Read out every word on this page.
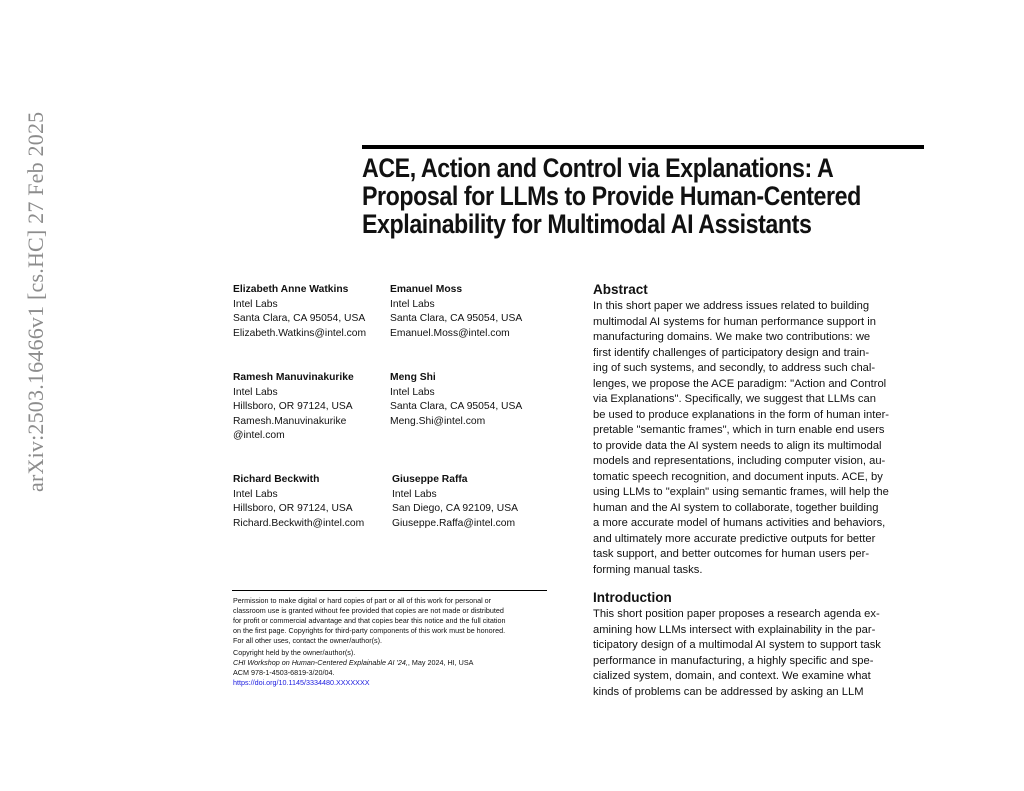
arXiv:2503.16466v1 [cs.HC] 27 Feb 2025	ACE, Action and Control via Explanations: A
Proposal for LLMs to Provide Human-Centered
Explainability for Multimodal AI Assistants
Elizabeth Anne Watkins
Intel Labs
Santa Clara, CA 95054, USA
Elizabeth.Watkins@intel.com
Emanuel Moss
Intel Labs
Santa Clara, CA 95054, USA
Emanuel.Moss@intel.com
Ramesh Manuvinakurike
Intel Labs
Hillsboro, OR 97124, USA
Ramesh.Manuvinakurike
@intel.com
Meng Shi
Intel Labs
Santa Clara, CA 95054, USA
Meng.Shi@intel.com
Richard Beckwith
Intel Labs
Hillsboro, OR 97124, USA
Richard.Beckwith@intel.com
Giuseppe Raffa
Intel Labs
San Diego, CA 92109, USA
Giuseppe.Raffa@intel.com
Permission to make digital or hard copies of part or all of this work for personal or
classroom use is granted without fee provided that copies are not made or distributed
for profit or commercial advantage and that copies bear this notice and the full citation
on the first page. Copyrights for third-party components of this work must be honored.
For all other uses, contact the owner/author(s).
Copyright held by the owner/author(s).
CHI Workshop on Human-Centered Explainable AI '24,, May 2024, HI, USA
ACM 978-1-4503-6819-3/20/04.
https://doi.org/10.1145/3334480.XXXXXXX
Abstract
In this short paper we address issues related to building
multimodal AI systems for human performance support in
manufacturing domains. We make two contributions: we
first identify challenges of participatory design and train-
ing of such systems, and secondly, to address such chal-
lenges, we propose the ACE paradigm: "Action and Control
via Explanations". Specifically, we suggest that LLMs can
be used to produce explanations in the form of human inter-
pretable "semantic frames", which in turn enable end users
to provide data the AI system needs to align its multimodal
models and representations, including computer vision, au-
tomatic speech recognition, and document inputs. ACE, by
using LLMs to "explain" using semantic frames, will help the
human and the AI system to collaborate, together building
a more accurate model of humans activities and behaviors,
and ultimately more accurate predictive outputs for better
task support, and better outcomes for human users per-
forming manual tasks.
Introduction
This short position paper proposes a research agenda ex-
amining how LLMs intersect with explainability in the par-
ticipatory design of a multimodal AI system to support task
performance in manufacturing, a highly specific and spe-
cialized system, domain, and context. We examine what
kinds of problems can be addressed by asking an LLM
